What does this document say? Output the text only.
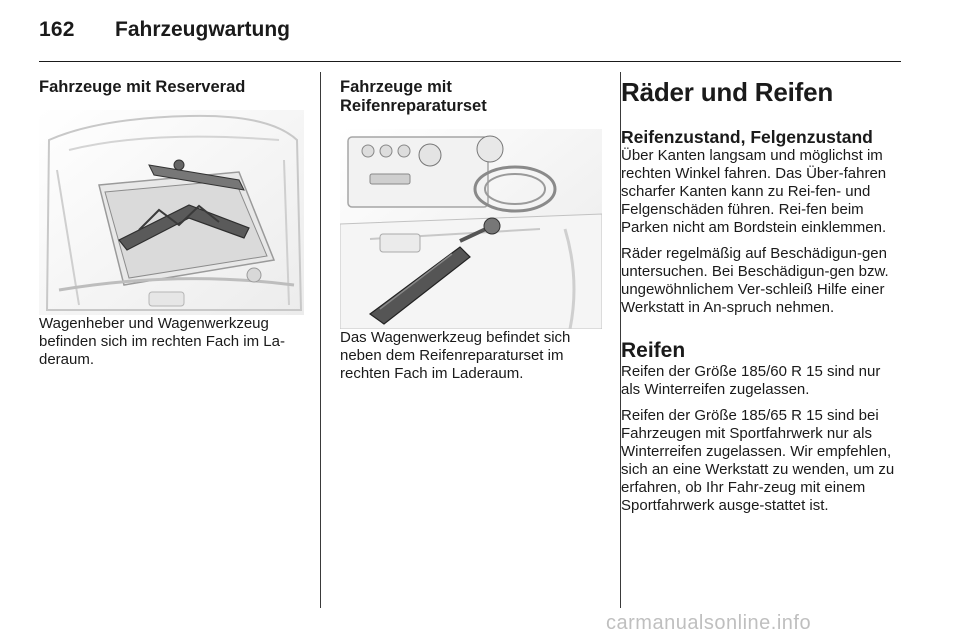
162 Fahrzeugwartung
Fahrzeuge mit Reserverad

Wagenheber und Wagenwerkzeug befinden sich im rechten Fach im La-deraum.

Fahrzeuge mit
Reifenreparaturset

Das Wagenwerkzeug befindet sich neben dem Reifenreparaturset im rechten Fach im Laderaum.

Räder und Reifen
Reifenzustand, Felgenzustand

Über Kanten langsam und möglichst im rechten Winkel fahren. Das Über-fahren scharfer Kanten kann zu Rei-fen- und Felgenschäden führen. Rei-fen beim Parken nicht am Bordstein einklemmen.

Räder regelmäßig auf Beschädigun-gen untersuchen. Bei Beschädigun-gen bzw. ungewöhnlichem Ver-schleiß Hilfe einer Werkstatt in An-spruch nehmen.

Reifen

Reifen der Größe 185/60 R 15 sind nur als Winterreifen zugelassen.

Reifen der Größe 185/65 R 15 sind bei Fahrzeugen mit Sportfahrwerk nur als Winterreifen zugelassen. Wir empfehlen, sich an eine Werkstatt zu wenden, um zu erfahren, ob Ihr Fahr-zeug mit einem Sportfahrwerk ausge-stattet ist.

carmanualsonline.info
